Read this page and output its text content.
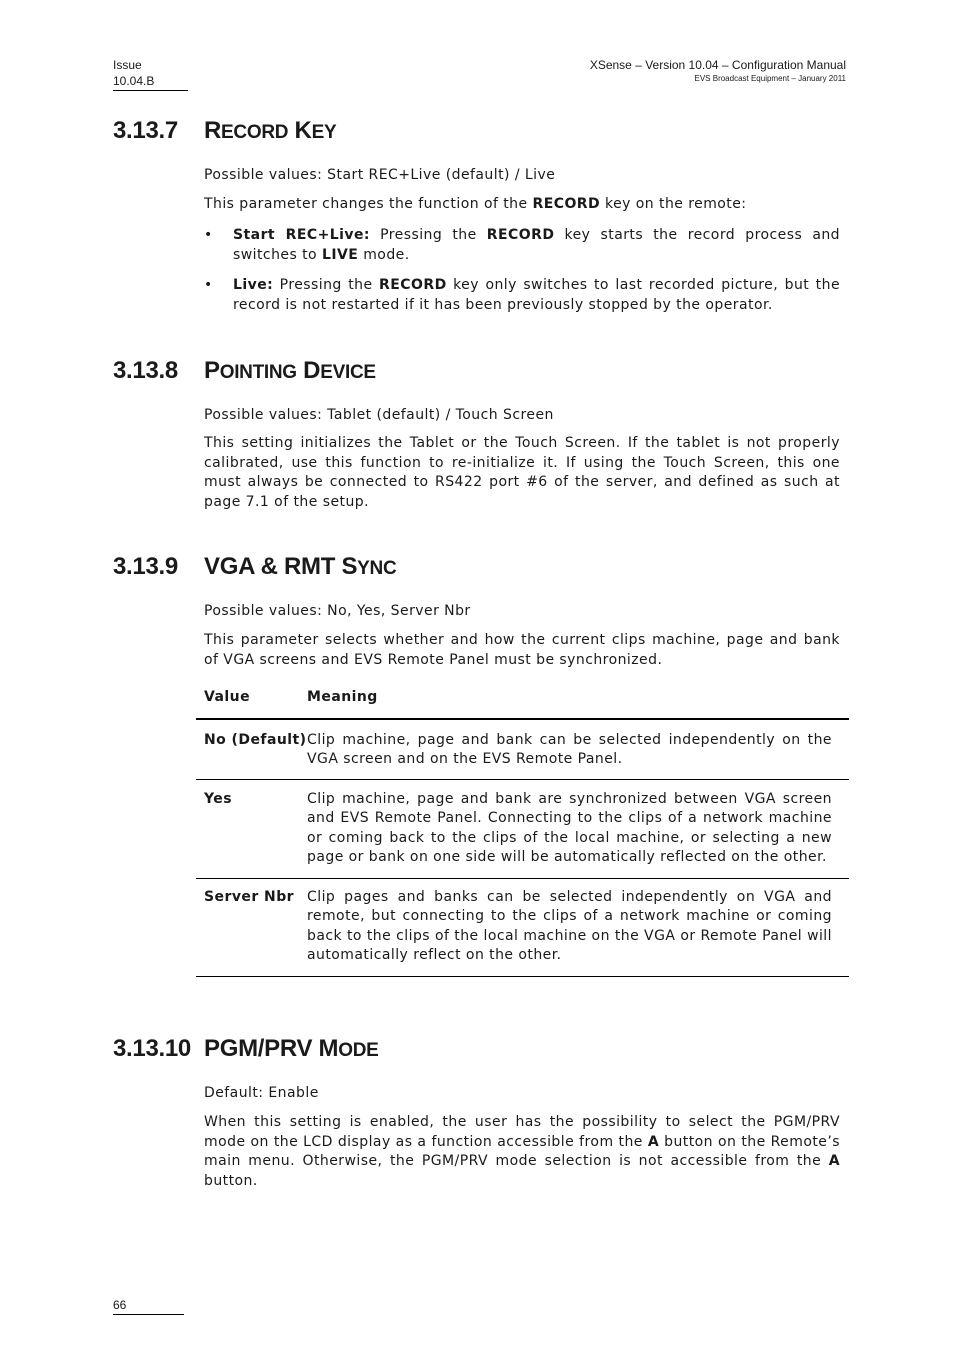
Issue
10.04.B
XSense – Version 10.04 – Configuration Manual
EVS Broadcast Equipment – January 2011
3.13.7 RECORD KEY

Possible values: Start REC+Live (default) / Live

This parameter changes the function of the RECORD key on the remote:

• Start REC+Live: Pressing the RECORD key starts the record process and switches to LIVE mode.
• Live: Pressing the RECORD key only switches to last recorded picture, but the record is not restarted if it has been previously stopped by the operator.
3.13.8 POINTING DEVICE

Possible values: Tablet (default) / Touch Screen

This setting initializes the Tablet or the Touch Screen. If the tablet is not properly calibrated, use this function to re-initialize it. If using the Touch Screen, this one must always be connected to RS422 port #6 of the server, and defined as such at page 7.1 of the setup.

3.13.9 VGA & RMT SYNC

Possible values: No, Yes, Server Nbr

This parameter selects whether and how the current clips machine, page and bank of VGA screens and EVS Remote Panel must be synchronized.

Value	Meaning
No (Default) Clip machine, page and bank can be selected independently on the VGA screen and on the EVS Remote Panel.
Yes	Clip machine, page and bank are synchronized between VGA screen and EVS Remote Panel. Connecting to the clips of a network machine or coming back to the clips of the local machine, or selecting a new page or bank on one side will be automatically reflected on the other.
Server Nbr Clip pages and banks can be selected independently on VGA and remote, but connecting to the clips of a network machine or coming back to the clips of the local machine on the VGA or Remote Panel will automatically reflect on the other.
3.13.10 PGM/PRV MODE

Default: Enable

When this setting is enabled, the user has the possibility to select the PGM/PRV mode on the LCD display as a function accessible from the A button on the Remote’s main menu. Otherwise, the PGM/PRV mode selection is not accessible from the A button.

66
